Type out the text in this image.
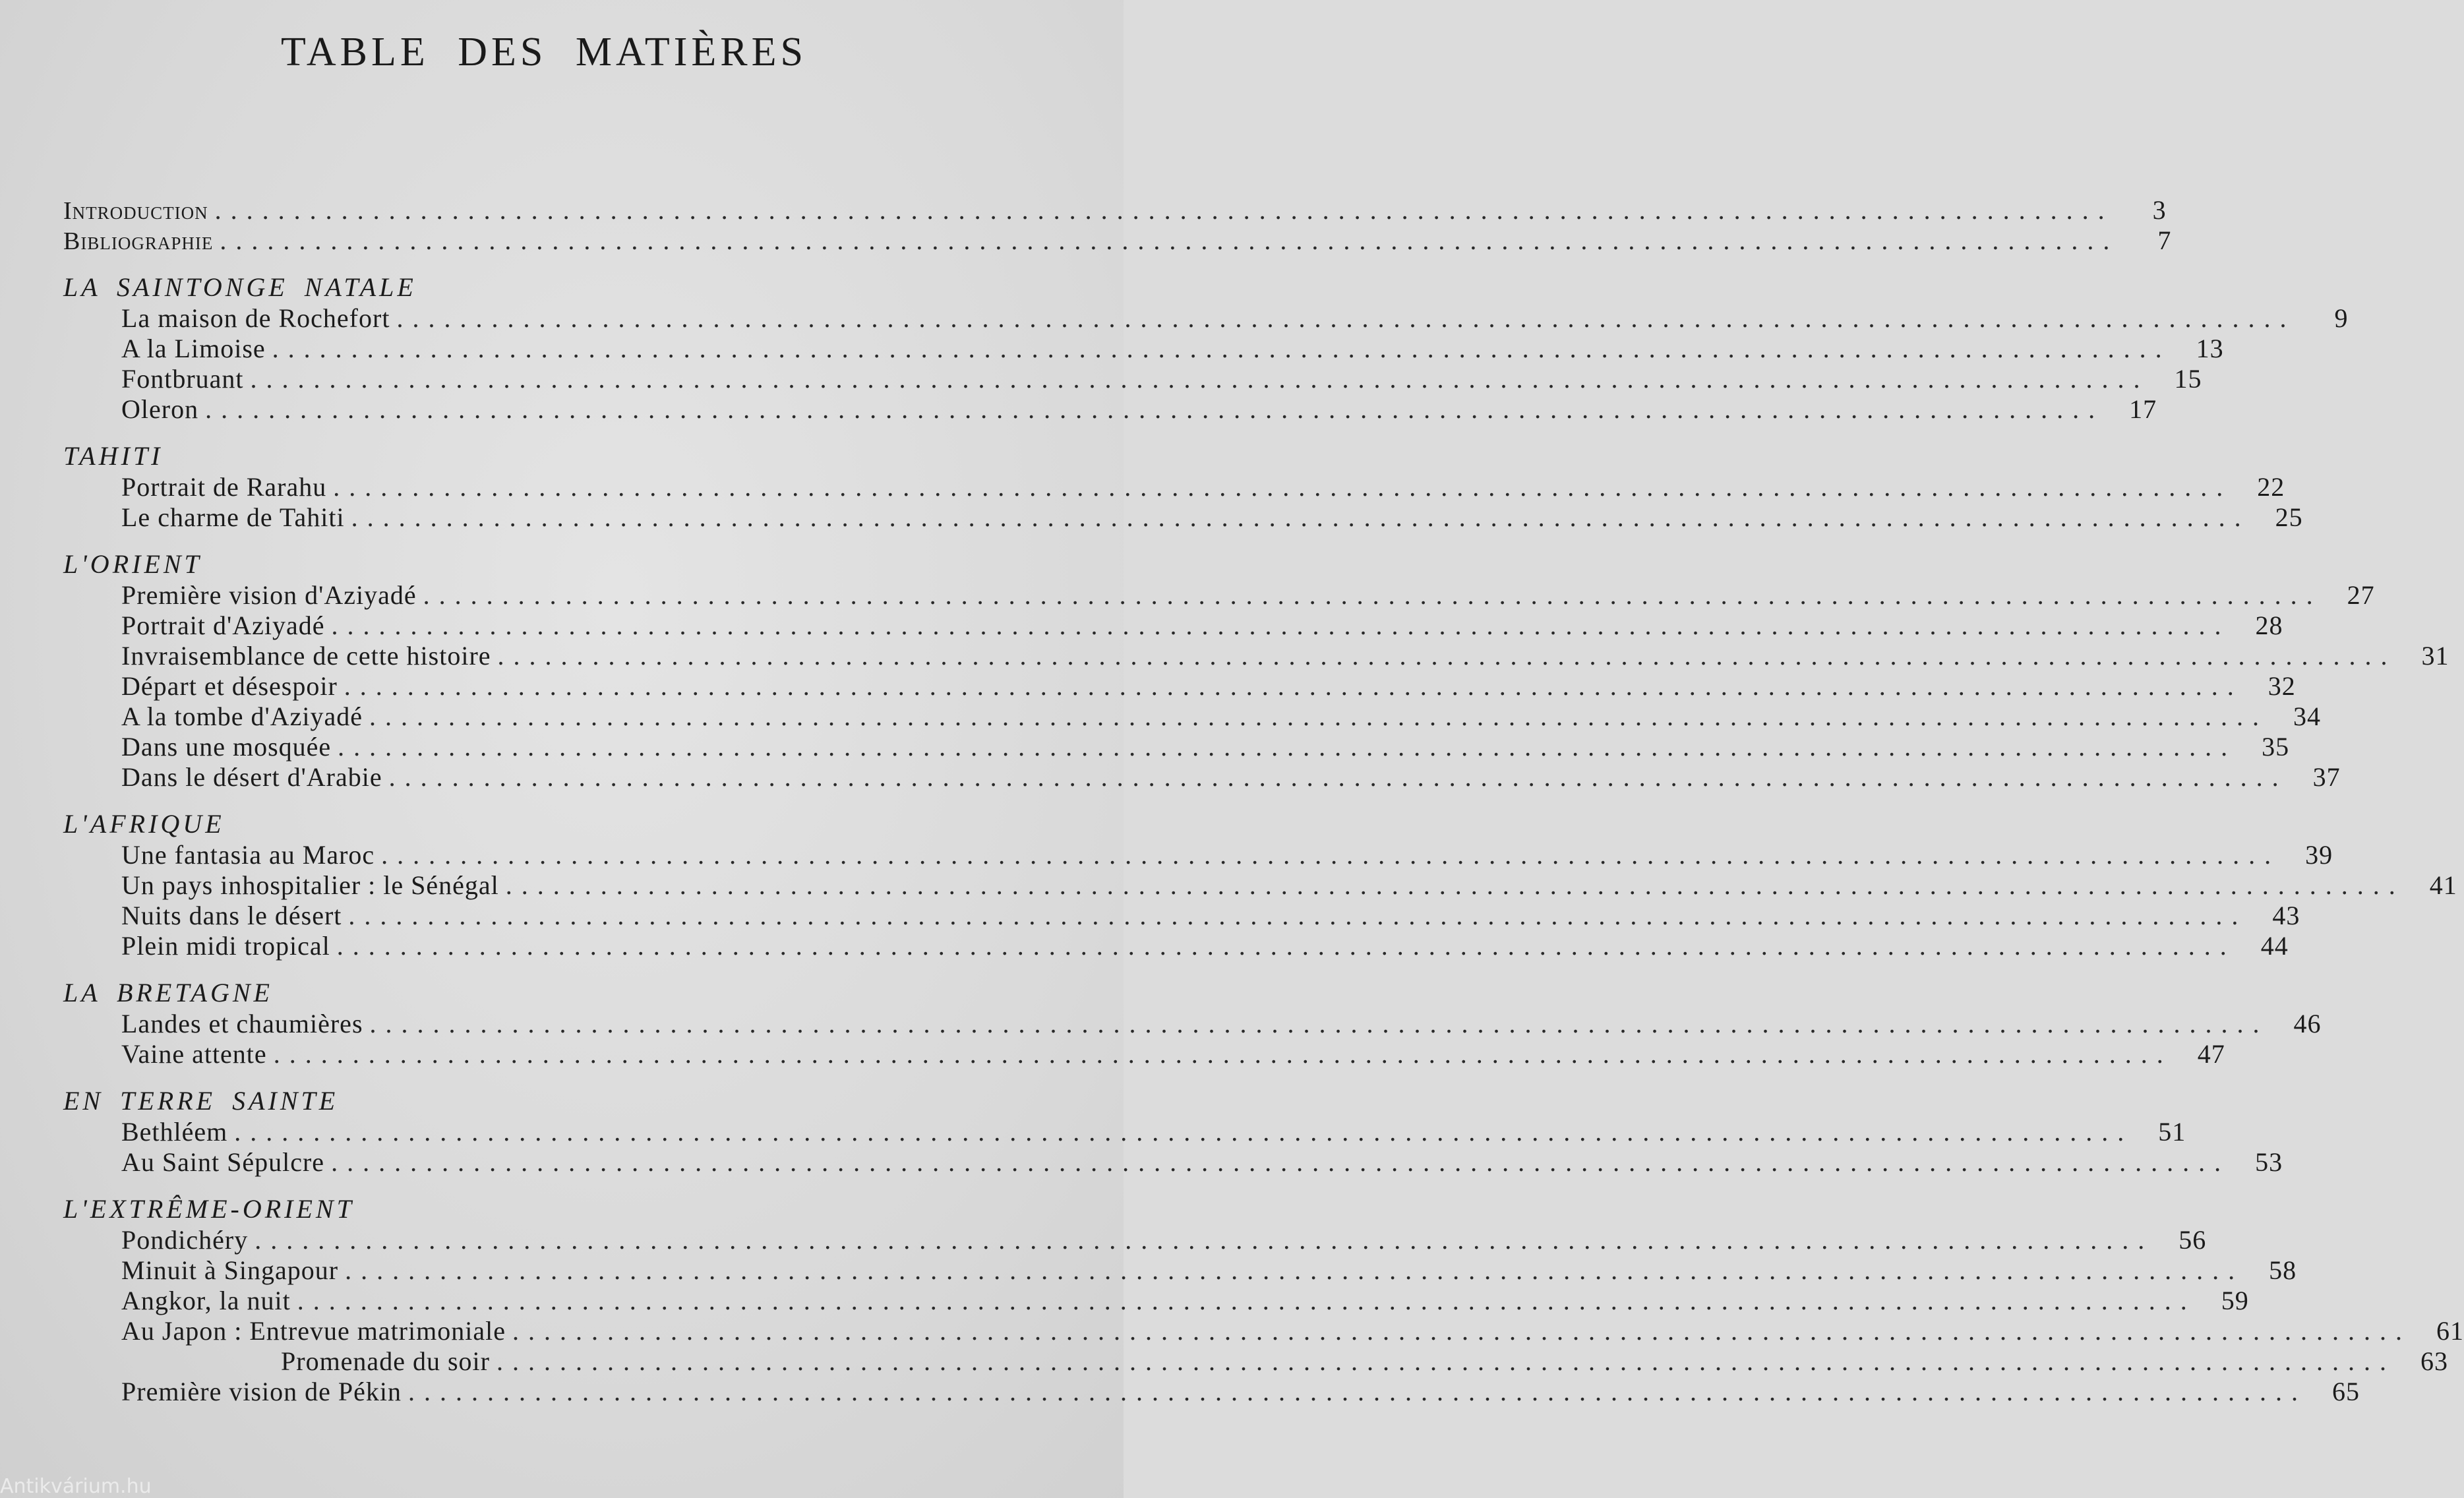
TABLE DES MATIÈRES
Introduction ........................................................................................................................	3
Bibliographie ........................................................................................................................	7
LA SAINTONGE NATALE
La maison de Rochefort ........................................................................................................................	9
A la Limoise ........................................................................................................................ 13
Fontbruant ........................................................................................................................ 15
Oleron ........................................................................................................................ 17
TAHITI
Portrait de Rarahu ........................................................................................................................ 22
Le charme de Tahiti ........................................................................................................................ 25
L'ORIENT
Première vision d'Aziyadé ........................................................................................................................ 27
Portrait d'Aziyadé ........................................................................................................................ 28
Invraisemblance de cette histoire ........................................................................................................................ 31
Départ et désespoir ........................................................................................................................ 32
A la tombe d'Aziyadé ........................................................................................................................ 34
Dans une mosquée ........................................................................................................................ 35
Dans le désert d'Arabie ........................................................................................................................ 37
L'AFRIQUE
Une fantasia au Maroc ........................................................................................................................ 39
Un pays inhospitalier : le Sénégal ........................................................................................................................ 41
Nuits dans le désert ........................................................................................................................ 43
Plein midi tropical ........................................................................................................................ 44
LA BRETAGNE
Landes et chaumières ........................................................................................................................ 46
Vaine attente ........................................................................................................................ 47
EN TERRE SAINTE
Bethléem ........................................................................................................................ 51
Au Saint Sépulcre ........................................................................................................................ 53
L'EXTRÊME-ORIENT
Pondichéry ........................................................................................................................ 56
Minuit à Singapour ........................................................................................................................ 58
Angkor, la nuit ........................................................................................................................ 59
Au Japon : Entrevue matrimoniale ........................................................................................................................ 61
Promenade du soir ........................................................................................................................ 63
Première vision de Pékin ........................................................................................................................ 65
Antikvárium.hu
